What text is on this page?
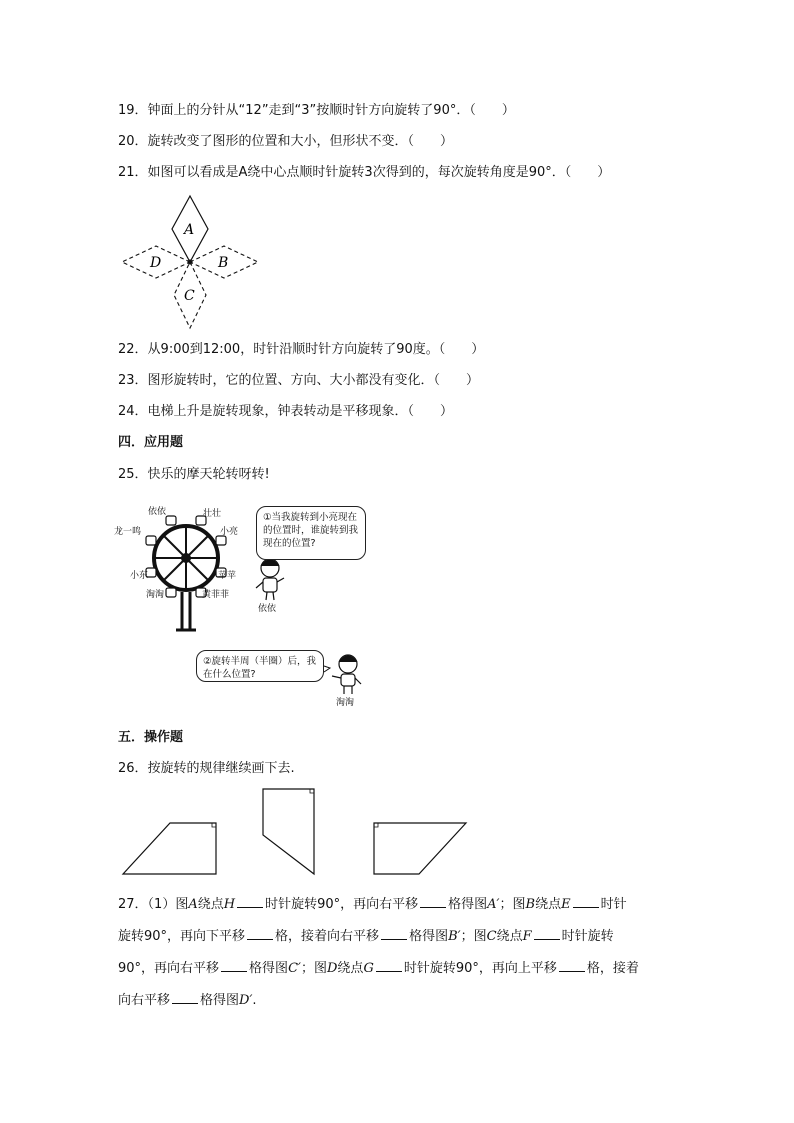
19．钟面上的分针从“12”走到“3”按顺时针方向旋转了90°．（　　）
20．旋转改变了图形的位置和大小，但形状不变．（　　）
21．如图可以看成是A绕中心点顺时针旋转3次得到的，每次旋转角度是90°．（　　）
A
B
C
D
22．从9:00到12:00，时针沿顺时针方向旋转了90度。（　　）
23．图形旋转时，它的位置、方向、大小都没有变化．（　　）
24．电梯上升是旋转现象，钟表转动是平移现象．（　　）
四．应用题
25．快乐的摩天轮转呀转!
依依	壮壮
龙一鸣	小亮
小东	苹苹
淘淘	黄菲菲
①当我旋转到小亮现在的位置时，谁旋转到我现在的位置?
依依
②旋转半周（半圈）后，我在什么位置?
淘淘
五．操作题
26．按旋转的规律继续画下去.
27．（1）图A绕点H 时针旋转90°，再向右平移 格得图A′；图B绕点E 时针
旋转90°，再向下平移 格，接着向右平移 格得图B′；图C绕点F 时针旋转
90°，再向右平移 格得图C′；图D绕点G 时针旋转90°，再向上平移 格，接着
向右平移 格得图D′.
